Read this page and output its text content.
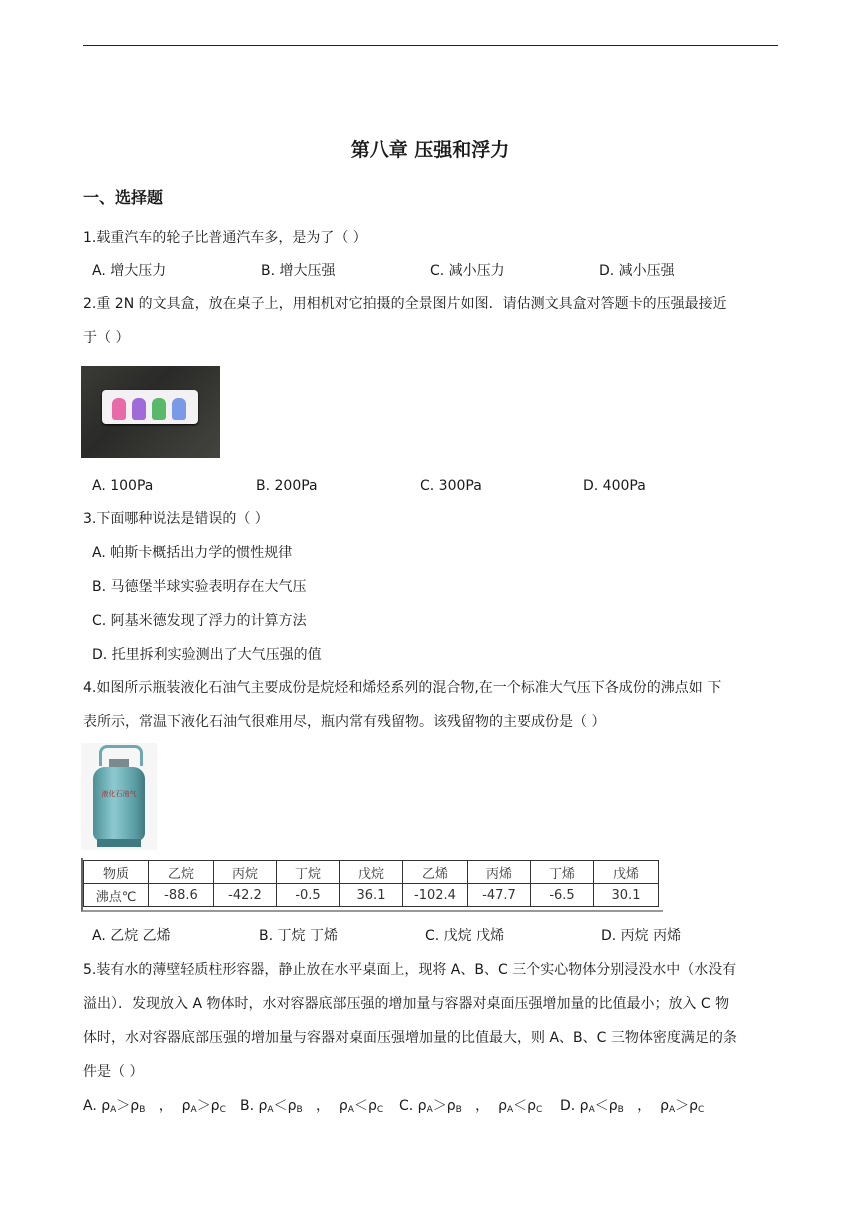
第八章 压强和浮力
一、选择题
1.载重汽车的轮子比普通汽车多，是为了（ ）
A. 增大压力	B. 增大压强	C. 减小压力	D. 减小压强
2.重 2N 的文具盒，放在桌子上，用相机对它拍摄的全景图片如图．请估测文具盒对答题卡的压强最接近
于（ ）
A. 100Pa	B. 200Pa	C. 300Pa	D. 400Pa
3.下面哪种说法是错误的（ ）
A. 帕斯卡概括出力学的惯性规律
B. 马德堡半球实验表明存在大气压
C. 阿基米德发现了浮力的计算方法
D. 托里拆利实验测出了大气压强的值
4.如图所示瓶装液化石油气主要成份是烷烃和烯烃系列的混合物,在一个标准大气压下各成份的沸点如 下
表所示，常温下液化石油气很难用尽，瓶内常有残留物。该残留物的主要成份是（ ）
液化石油气
物质	乙烷	丙烷	丁烷	戊烷	乙烯	丙烯	丁烯	戊烯
沸点℃	-88.6	-42.2	-0.5	36.1	-102.4	-47.7	-6.5	30.1
A. 乙烷 乙烯	B. 丁烷 丁烯	C. 戊烷 戊烯	D. 丙烷 丙烯
5.装有水的薄壁轻质柱形容器，静止放在水平桌面上，现将 A、B、C 三个实心物体分别浸没水中（水没有
溢出）．发现放入 A 物体时，水对容器底部压强的增加量与容器对桌面压强增加量的比值最小；放入 C 物
体时，水对容器底部压强的增加量与容器对桌面压强增加量的比值最大，则 A、B、C 三物体密度满足的条
件是（ ）
A. $\rho_A>\rho_B$   ，  $\rho_A>\rho_C$ B. $\rho_A<\rho_B$   ，  $\rho_A<\rho_C$ C. $\rho_A>\rho_B$   ，  $\rho_A<\rho_C$ D. $\rho_A<\rho_B$   ，  $\rho_A>\rho_C$
